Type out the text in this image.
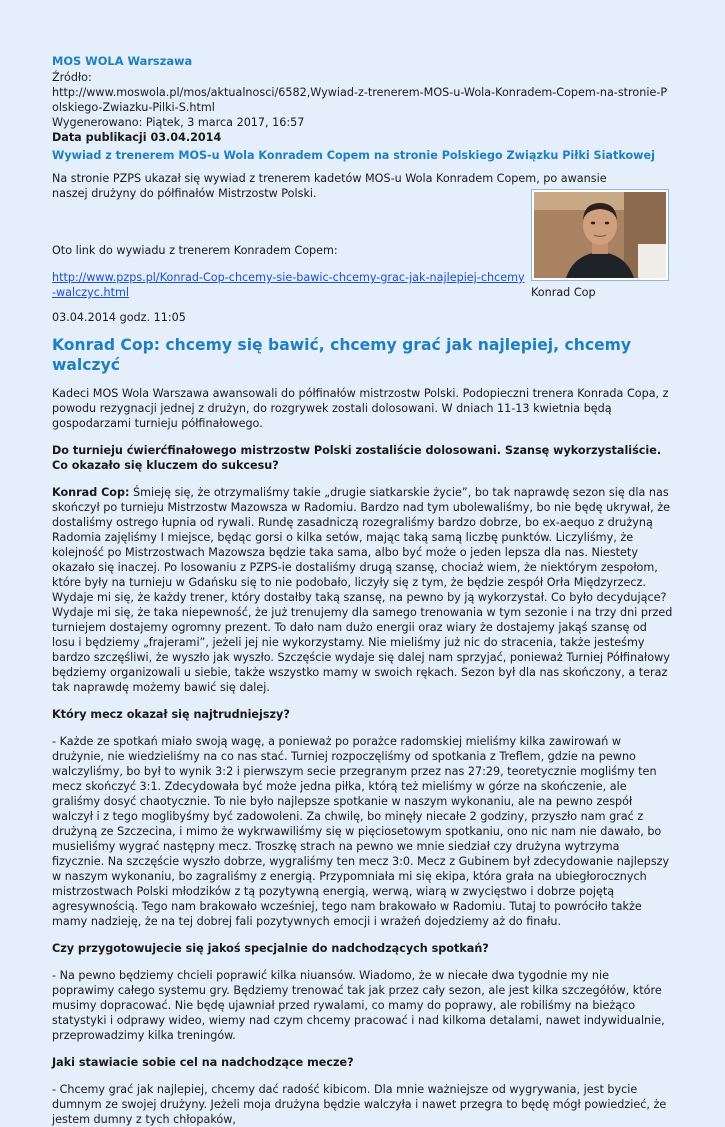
MOS WOLA Warszawa
Źródło:
http://www.moswola.pl/mos/aktualnosci/6582,Wywiad-z-trenerem-MOS-u-Wola-Konradem-Copem-na-stronie-Polskiego-Zwiazku-Pilki-S.html
Wygenerowano: Piątek, 3 marca 2017, 16:57
Data publikacji 03.04.2014
Wywiad z trenerem MOS-u Wola Konradem Copem na stronie Polskiego Związku Piłki Siatkowej
Na stronie PZPS ukazał się wywiad z trenerem kadetów MOS-u Wola Konradem Copem, po awansie naszej drużyny do półfinałów Mistrzostw Polski.
Oto link do wywiadu z trenerem Konradem Copem:
http://www.pzps.pl/Konrad-Cop-chcemy-sie-bawic-chcemy-grac-jak-najlepiej-chcemy-walczyc.html
03.04.2014 godz. 11:05
Konrad Cop: chcemy się bawić, chcemy grać jak najlepiej, chcemy walczyć
Kadeci MOS Wola Warszawa awansowali do półfinałów mistrzostw Polski. Podopieczni trenera Konrada Copa, z powodu rezygnacji jednej z drużyn, do rozgrywek zostali dolosowani. W dniach 11-13 kwietnia będą gospodarzami turnieju półfinałowego.
Do turnieju ćwierćfinałowego mistrzostw Polski zostaliście dolosowani. Szansę wykorzystaliście. Co okazało się kluczem do sukcesu?
Konrad Cop: Śmieję się, że otrzymaliśmy takie „drugie siatkarskie życie”, bo tak naprawdę sezon się dla nas skończył po turnieju Mistrzostw Mazowsza w Radomiu. Bardzo nad tym ubolewaliśmy, bo nie będę ukrywał, że dostaliśmy ostrego łupnia od rywali. Rundę zasadniczą rozegraliśmy bardzo dobrze, bo ex-aequo z drużyną Radomia zajęliśmy I miejsce, będąc gorsi o kilka setów, mając taką samą liczbę punktów. Liczyliśmy, że kolejność po Mistrzostwach Mazowsza będzie taka sama, albo być może o jeden lepsza dla nas. Niestety okazało się inaczej. Po losowaniu z PZPS-ie dostaliśmy drugą szansę, chociaż wiem, że niektórym zespołom, które były na turnieju w Gdańsku się to nie podobało, liczyły się z tym, że będzie zespół Orła Międzyrzecz. Wydaje mi się, że każdy trener, który dostałby taką szansę, na pewno by ją wykorzystał. Co było decydujące? Wydaje mi się, że taka niepewność, że już trenujemy dla samego trenowania w tym sezonie i na trzy dni przed turniejem dostajemy ogromny prezent. To dało nam dużo energii oraz wiary że dostajemy jakąś szansę od losu i będziemy „frajerami”, jeżeli jej nie wykorzystamy. Nie mieliśmy już nic do stracenia, także jesteśmy bardzo szczęśliwi, że wyszło jak wyszło. Szczęście wydaje się dalej nam sprzyjać, ponieważ Turniej Półfinałowy będziemy organizowali u siebie, także wszystko mamy w swoich rękach. Sezon był dla nas skończony, a teraz tak naprawdę możemy bawić się dalej.
Który mecz okazał się najtrudniejszy?
- Każde ze spotkań miało swoją wagę, a ponieważ po porażce radomskiej mieliśmy kilka zawirowań w drużynie, nie wiedzieliśmy na co nas stać. Turniej rozpoczęliśmy od spotkania z Treflem, gdzie na pewno walczyliśmy, bo był to wynik 3:2 i pierwszym secie przegranym przez nas 27:29, teoretycznie mogliśmy ten mecz skończyć 3:1. Zdecydowała być może jedna piłka, którą też mieliśmy w górze na skończenie, ale graliśmy dosyć chaotycznie. To nie było najlepsze spotkanie w naszym wykonaniu, ale na pewno zespół walczył i z tego moglibyśmy być zadowoleni. Za chwilę, bo minęły niecałe 2 godziny, przyszło nam grać z drużyną ze Szczecina, i mimo że wykrwawiliśmy się w pięciosetowym spotkaniu, ono nic nam nie dawało, bo musieliśmy wygrać następny mecz. Troszkę strach na pewno we mnie siedział czy drużyna wytrzyma fizycznie. Na szczęście wyszło dobrze, wygraliśmy ten mecz 3:0. Mecz z Gubinem był zdecydowanie najlepszy w naszym wykonaniu, bo zagraliśmy z energią. Przypomniała mi się ekipa, która grała na ubiegłorocznych mistrzostwach Polski młodzików z tą pozytywną energią, werwą, wiarą w zwycięstwo i dobrze pojętą agresywnością. Tego nam brakowało wcześniej, tego nam brakowało w Radomiu. Tutaj to powróciło także mamy nadzieję, że na tej dobrej fali pozytywnych emocji i wrażeń dojedziemy aż do finału.
Czy przygotowujecie się jakoś specjalnie do nadchodzących spotkań?
- Na pewno będziemy chcieli poprawić kilka niuansów. Wiadomo, że w niecałe dwa tygodnie my nie poprawimy całego systemu gry. Będziemy trenować tak jak przez cały sezon, ale jest kilka szczegółów, które musimy dopracować. Nie będę ujawniał przed rywalami, co mamy do poprawy, ale robiliśmy na bieżąco statystyki i odprawy wideo, wiemy nad czym chcemy pracować i nad kilkoma detalami, nawet indywidualnie, przeprowadzimy kilka treningów.
Jaki stawiacie sobie cel na nadchodzące mecze?
- Chcemy grać jak najlepiej, chcemy dać radość kibicom. Dla mnie ważniejsze od wygrywania, jest bycie dumnym ze swojej drużyny. Jeżeli moja drużyna będzie walczyła i nawet przegra to będę mógł powiedzieć, że jestem dumny z tych chłopaków,
Konrad Cop
